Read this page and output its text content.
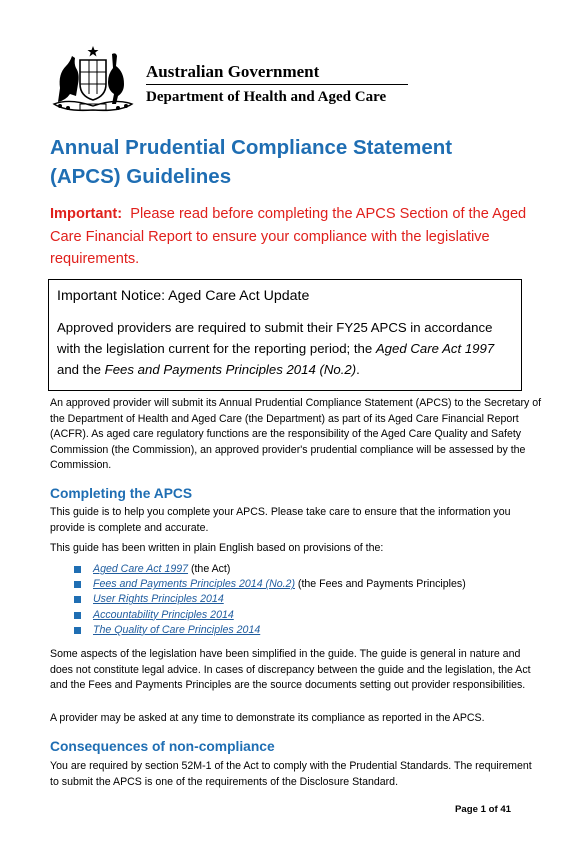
Australian Government
Department of Health and Aged Care
Annual Prudential Compliance Statement
(APCS) Guidelines

Important: Please read before completing the APCS Section of the Aged Care Financial Report to ensure your compliance with the legislative requirements.

Important Notice: Aged Care Act Update

Approved providers are required to submit their FY25 APCS in accordance with the legislation current for the reporting period; the Aged Care Act 1997 and the Fees and Payments Principles 2014 (No.2).

An approved provider will submit its Annual Prudential Compliance Statement (APCS) to the Secretary of the Department of Health and Aged Care (the Department) as part of its Aged Care Financial Report (ACFR). As aged care regulatory functions are the responsibility of the Aged Care Quality and Safety Commission (the Commission), an approved provider's prudential compliance will be assessed by the Commission.

Completing the APCS

This guide is to help you complete your APCS. Please take care to ensure that the information you provide is complete and accurate.

This guide has been written in plain English based on provisions of the:

Aged Care Act 1997 (the Act)
Fees and Payments Principles 2014 (No.2) (the Fees and Payments Principles)
User Rights Principles 2014
Accountability Principles 2014
The Quality of Care Principles 2014

Some aspects of the legislation have been simplified in the guide. The guide is general in nature and does not constitute legal advice. In cases of discrepancy between the guide and the legislation, the Act and the Fees and Payments Principles are the source documents setting out provider responsibilities.

A provider may be asked at any time to demonstrate its compliance as reported in the APCS.

Consequences of non-compliance

You are required by section 52M-1 of the Act to comply with the Prudential Standards. The requirement to submit the APCS is one of the requirements of the Disclosure Standard.

Page 1 of 41
